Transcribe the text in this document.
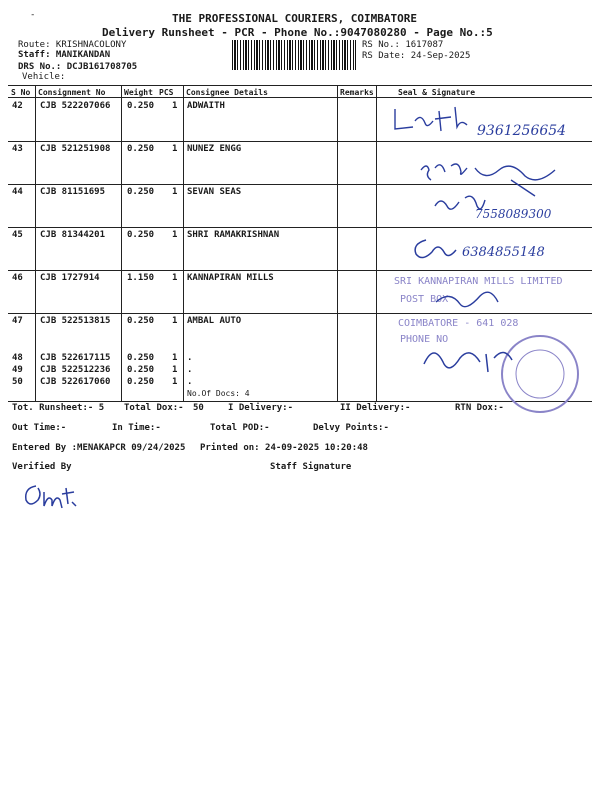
-	THE PROFESSIONAL COURIERS, COIMBATORE
Delivery Runsheet - PCR - Phone No.:9047080280 - Page No.:5
Route: KRISHNACOLONY
Staff: MANIKANDAN
DRS No.: DCJB161708705
Vehicle:
RS No.: 1617087
RS Date: 24-Sep-2025
S No Consignment No Weight PCS Consignee Details	Remarks	Seal & Signature
42 CJB 522207066 0.250 1 ADWAITH
43 CJB 521251908 0.250 1 NUNEZ ENGG
44 CJB 81151695 0.250 1 SEVAN SEAS
45 CJB 81344201 0.250 1 SHRI RAMAKRISHNAN
46 CJB 1727914	1.150 1 KANNAPIRAN MILLS
47 CJB 522513815 0.250 1 AMBAL AUTO
48 CJB 522617115 0.250 1 .
49 CJB 522512236 0.250 1 .
50 CJB 522617060 0.250 1 .
No.Of Docs: 4
9361256654
7558089300
6384855148
SRI KANNAPIRAN MILLS LIMITED
POST BOX
COIMBATORE - 641 028
PHONE NO
Tot. Runsheet:- 5 Total Dox:- 50	I Delivery:-	II Delivery:-	RTN Dox:-
Out Time:-	In Time:-	Total POD:-	Delvy Points:-
Entered By :MENAKAPCR 09/24/2025 Printed on: 24-09-2025 10:20:48
Verified By	Staff Signature
